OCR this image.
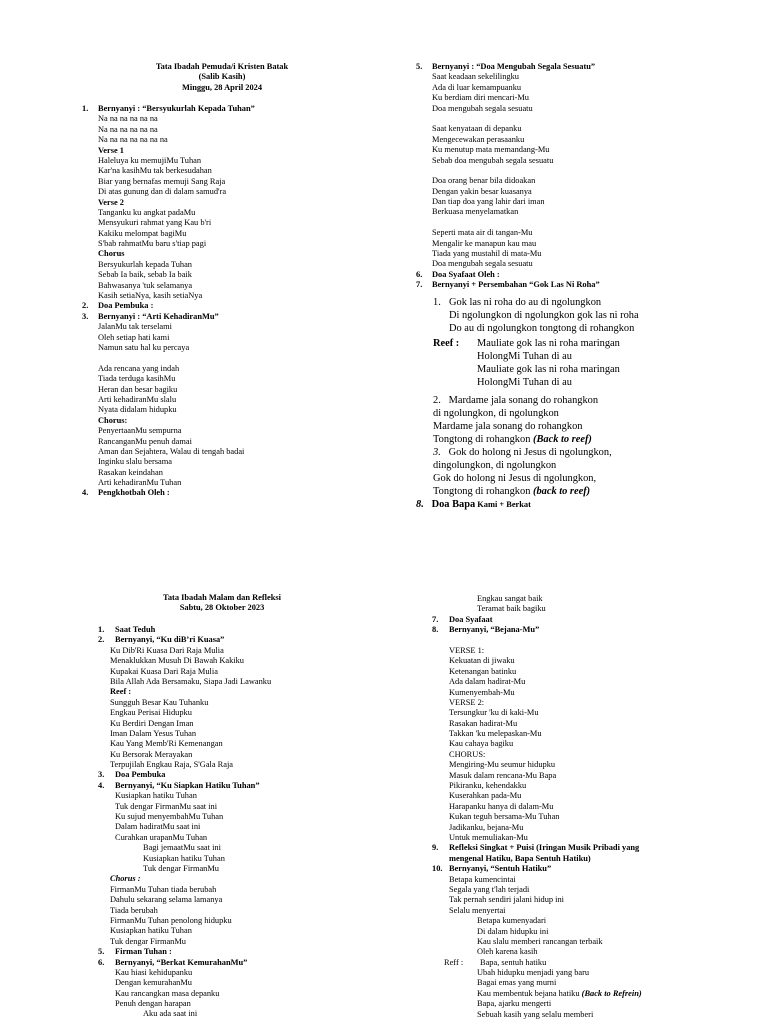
Tata Ibadah Pemuda/i Kristen Batak
(Salib Kasih)
Minggu, 28 April 2024
1. Bernyanyi : “Bersyukurlah Kepada Tuhan”
Na na na na na na
Na na na na na na
Na na na na na na na
Verse 1
Haleluya ku memujiMu Tuhan
Kar'na kasihMu tak berkesudahan
Biar yang bernafas memuji Sang Raja
Di atas gunung dan di dalam samud'ra
Verse 2
Tanganku ku angkat padaMu
Mensyukuri rahmat yang Kau b'ri
Kakiku melompat bagiMu
S'bab rahmatMu baru s'tiap pagi
Chorus
Bersyukurlah kepada Tuhan
Sebab Ia baik, sebab Ia baik
Bahwasanya 'tuk selamanya
Kasih setiaNya, kasih setiaNya
2.	Doa Pembuka :
3. Bernyanyi : “Arti KehadiranMu”
JalanMu tak terselami
Oleh setiap hati kami
Namun satu hal ku percaya
Ada rencana yang indah
Tiada terduga kasihMu
Heran dan besar bagiku
Arti kehadiranMu slalu
Nyata didalam hidupku
Chorus:
PenyertaanMu sempurna
RancanganMu penuh damai
Aman dan Sejahtera, Walau di tengah badai
Inginku slalu bersama
Rasakan keindahan
Arti kehadiranMu Tuhan
4.	Pengkhotbah Oleh :
5. Bernyanyi : “Doa Mengubah Segala Sesuatu”
Saat keadaan sekelilingku
Ada di luar kemampuanku
Ku berdiam diri mencari-Mu
Doa mengubah segala sesuatu
Saat kenyataan di depanku
Mengecewakan perasaanku
Ku menutup mata memandang-Mu
Sebab doa mengubah segala sesuatu
Doa orang benar bila didoakan
Dengan yakin besar kuasanya
Dan tiap doa yang lahir dari iman
Berkuasa menyelamatkan
Seperti mata air di tangan-Mu
Mengalir ke manapun kau mau
Tiada yang mustahil di mata-Mu
Doa mengubah segala sesuatu
6.	Doa Syafaat Oleh :
7.	Bernyanyi + Persembahan “Gok Las Ni Roha”
1. Gok las ni roha do au di ngolungkon
Di ngolungkon di ngolungkon gok las ni roha
Do au di ngolungkon tongtong di rohangkon
Reef : Mauliate gok las ni roha maringan
HolongMi Tuhan di au
Mauliate gok las ni roha maringan
HolongMi Tuhan di au
2. Mardame jala sonang do rohangkon
di ngolungkon, di ngolungkon
Mardame jala sonang do rohangkon
Tongtong di rohangkon (Back to reef)
3. Gok do holong ni Jesus di ngolungkon,
dingolungkon, di ngolungkon
Gok do holong ni Jesus di ngolungkon,
Tongtong di rohangkon (back to reef)
8. Doa Bapa Kami + Berkat
Tata Ibadah Malam dan Refleksi
Sabtu, 28 Oktober 2023
1.	Saat Teduh
2.	Bernyanyi, “Ku diB’ri Kuasa”
Ku Dib'Ri Kuasa Dari Raja Mulia
Menaklukkan Musuh Di Bawah Kakiku
Kupakai Kuasa Dari Raja Mulia
Bila Allah Ada Bersamaku, Siapa Jadi Lawanku
Reef :
Sungguh Besar Kau Tuhanku
Engkau Perisai Hidupku
Ku Berdiri Dengan Iman
Iman Dalam Yesus Tuhan
Kau Yang Memb'Ri Kemenangan
Ku Bersorak Merayakan
Terpujilah Engkau Raja, S'Gala Raja
3.	Doa Pembuka
4.	Bernyanyi, “Ku Siapkan Hatiku Tuhan”
Kusiapkan hatiku Tuhan
Tuk dengar FirmanMu saat ini
Ku sujud menyembahMu Tuhan
Dalam hadiratMu saat ini
Curahkan urapanMu Tuhan
Bagi jemaatMu saat ini
Kusiapkan hatiku Tuhan
Tuk dengar FirmanMu
Chorus :
FirmanMu Tuhan tiada berubah
Dahulu sekarang selama lamanya
Tiada berubah
FirmanMu Tuhan penolong hidupku
Kusiapkan hatiku Tuhan
Tuk dengar FirmanMu
5.	Firman Tuhan :
6.	Bernyanyi, “Berkat KemurahanMu”
Kau hiasi kehidupanku
Dengan kemurahanMu
Kau rancangkan masa depanku
Penuh dengan harapan
Aku ada saat ini
Engkau sangat baik
Teramat baik bagiku
7.	Doa Syafaat
8.	Bernyanyi, “Bejana-Mu”
VERSE 1:
Kekuatan di jiwaku
Ketenangan batinku
Ada dalam hadirat-Mu
Kumenyembah-Mu
VERSE 2:
Tersungkur 'ku di kaki-Mu
Rasakan hadirat-Mu
Takkan 'ku melepaskan-Mu
Kau cahaya bagiku
CHORUS:
Mengiring-Mu seumur hidupku
Masuk dalam rencana-Mu Bapa
Pikiranku, kehendakku
Kuserahkan pada-Mu
Harapanku hanya di dalam-Mu
Kukan teguh bersama-Mu Tuhan
Jadikanku, bejana-Mu
Untuk memuliakan-Mu
9. Refleksi Singkat + Puisi (Iringan Musik Pribadi yang
mengenal Hatiku, Bapa Sentuh Hatiku)
10. Bernyanyi, “Sentuh Hatiku”
Betapa kumencintai
Segala yang t'lah terjadi
Tak pernah sendiri jalani hidup ini
Selalu menyertai
Betapa kumenyadari
Di dalam hidupku ini
Kau slalu memberi rancangan terbaik
Oleh karena kasih
Reff :	Bapa, sentuh hatiku
Ubah hidupku menjadi yang baru
Bagai emas yang murni
Kau membentuk bejana hatiku (Back to Refrein)
Bapa, ajarku mengerti
Sebuah kasih yang selalu memberi
